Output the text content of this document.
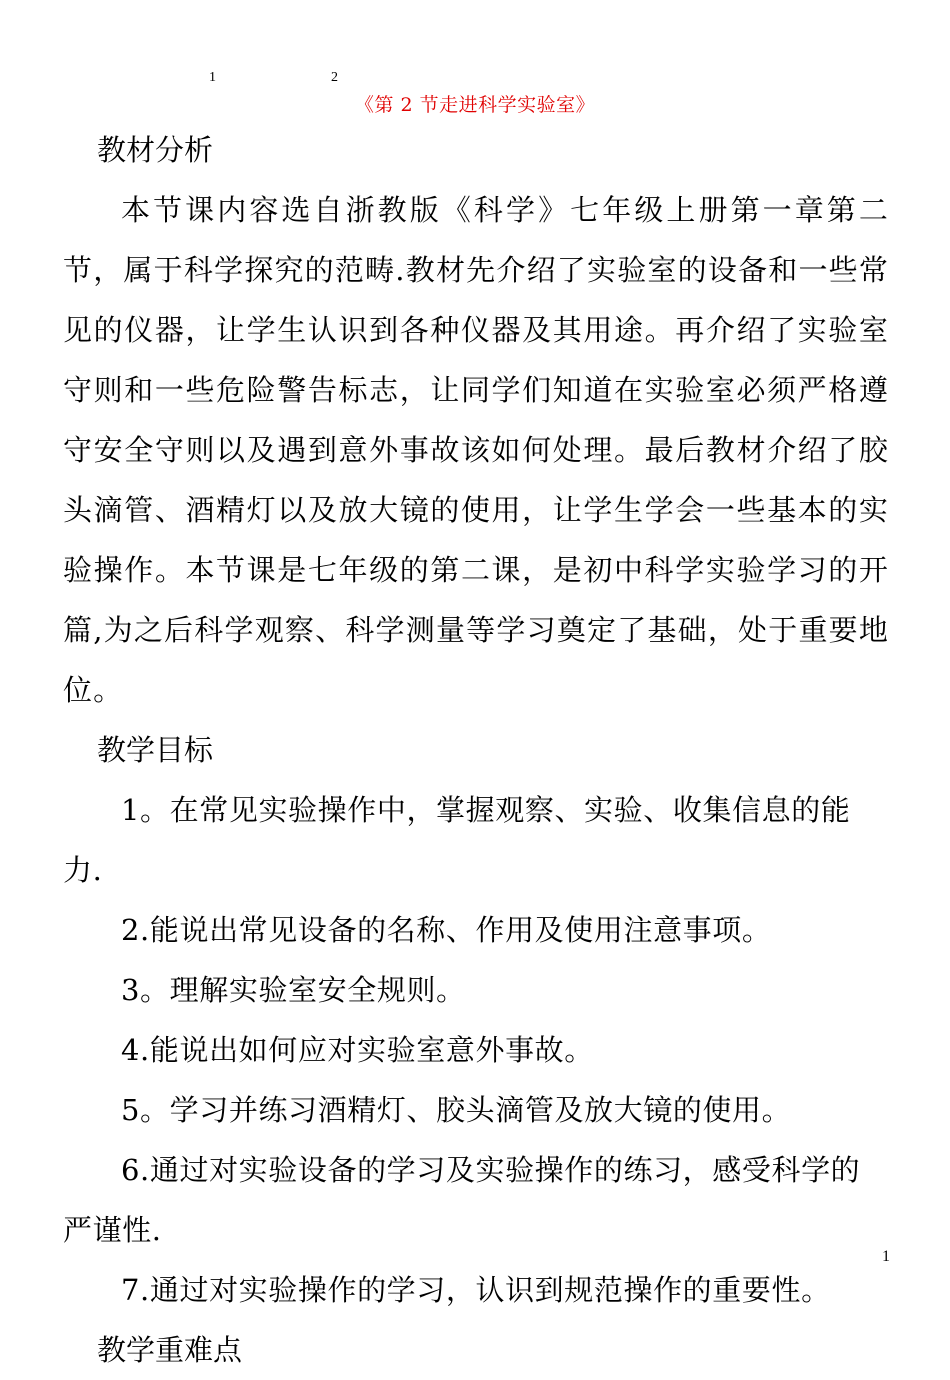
1	2
《第 2 节走进科学实验室》

教材分析

本节课内容选自浙教版《科学》七年级上册第一章第二节，属于科学探究的范畴.教材先介绍了实验室的设备和一些常见的仪器，让学生认识到各种仪器及其用途。再介绍了实验室守则和一些危险警告标志，让同学们知道在实验室必须严格遵守安全守则以及遇到意外事故该如何处理。最后教材介绍了胶头滴管、酒精灯以及放大镜的使用，让学生学会一些基本的实验操作。本节课是七年级的第二课，是初中科学实验学习的开篇,为之后科学观察、科学测量等学习奠定了基础，处于重要地位。

教学目标

1。在常见实验操作中，掌握观察、实验、收集信息的能力.

2.能说出常见设备的名称、作用及使用注意事项。

3。理解实验室安全规则。

4.能说出如何应对实验室意外事故。

5。学习并练习酒精灯、胶头滴管及放大镜的使用。

6.通过对实验设备的学习及实验操作的练习，感受科学的严谨性.

7.通过对实验操作的学习，认识到规范操作的重要性。

教学重难点

1
